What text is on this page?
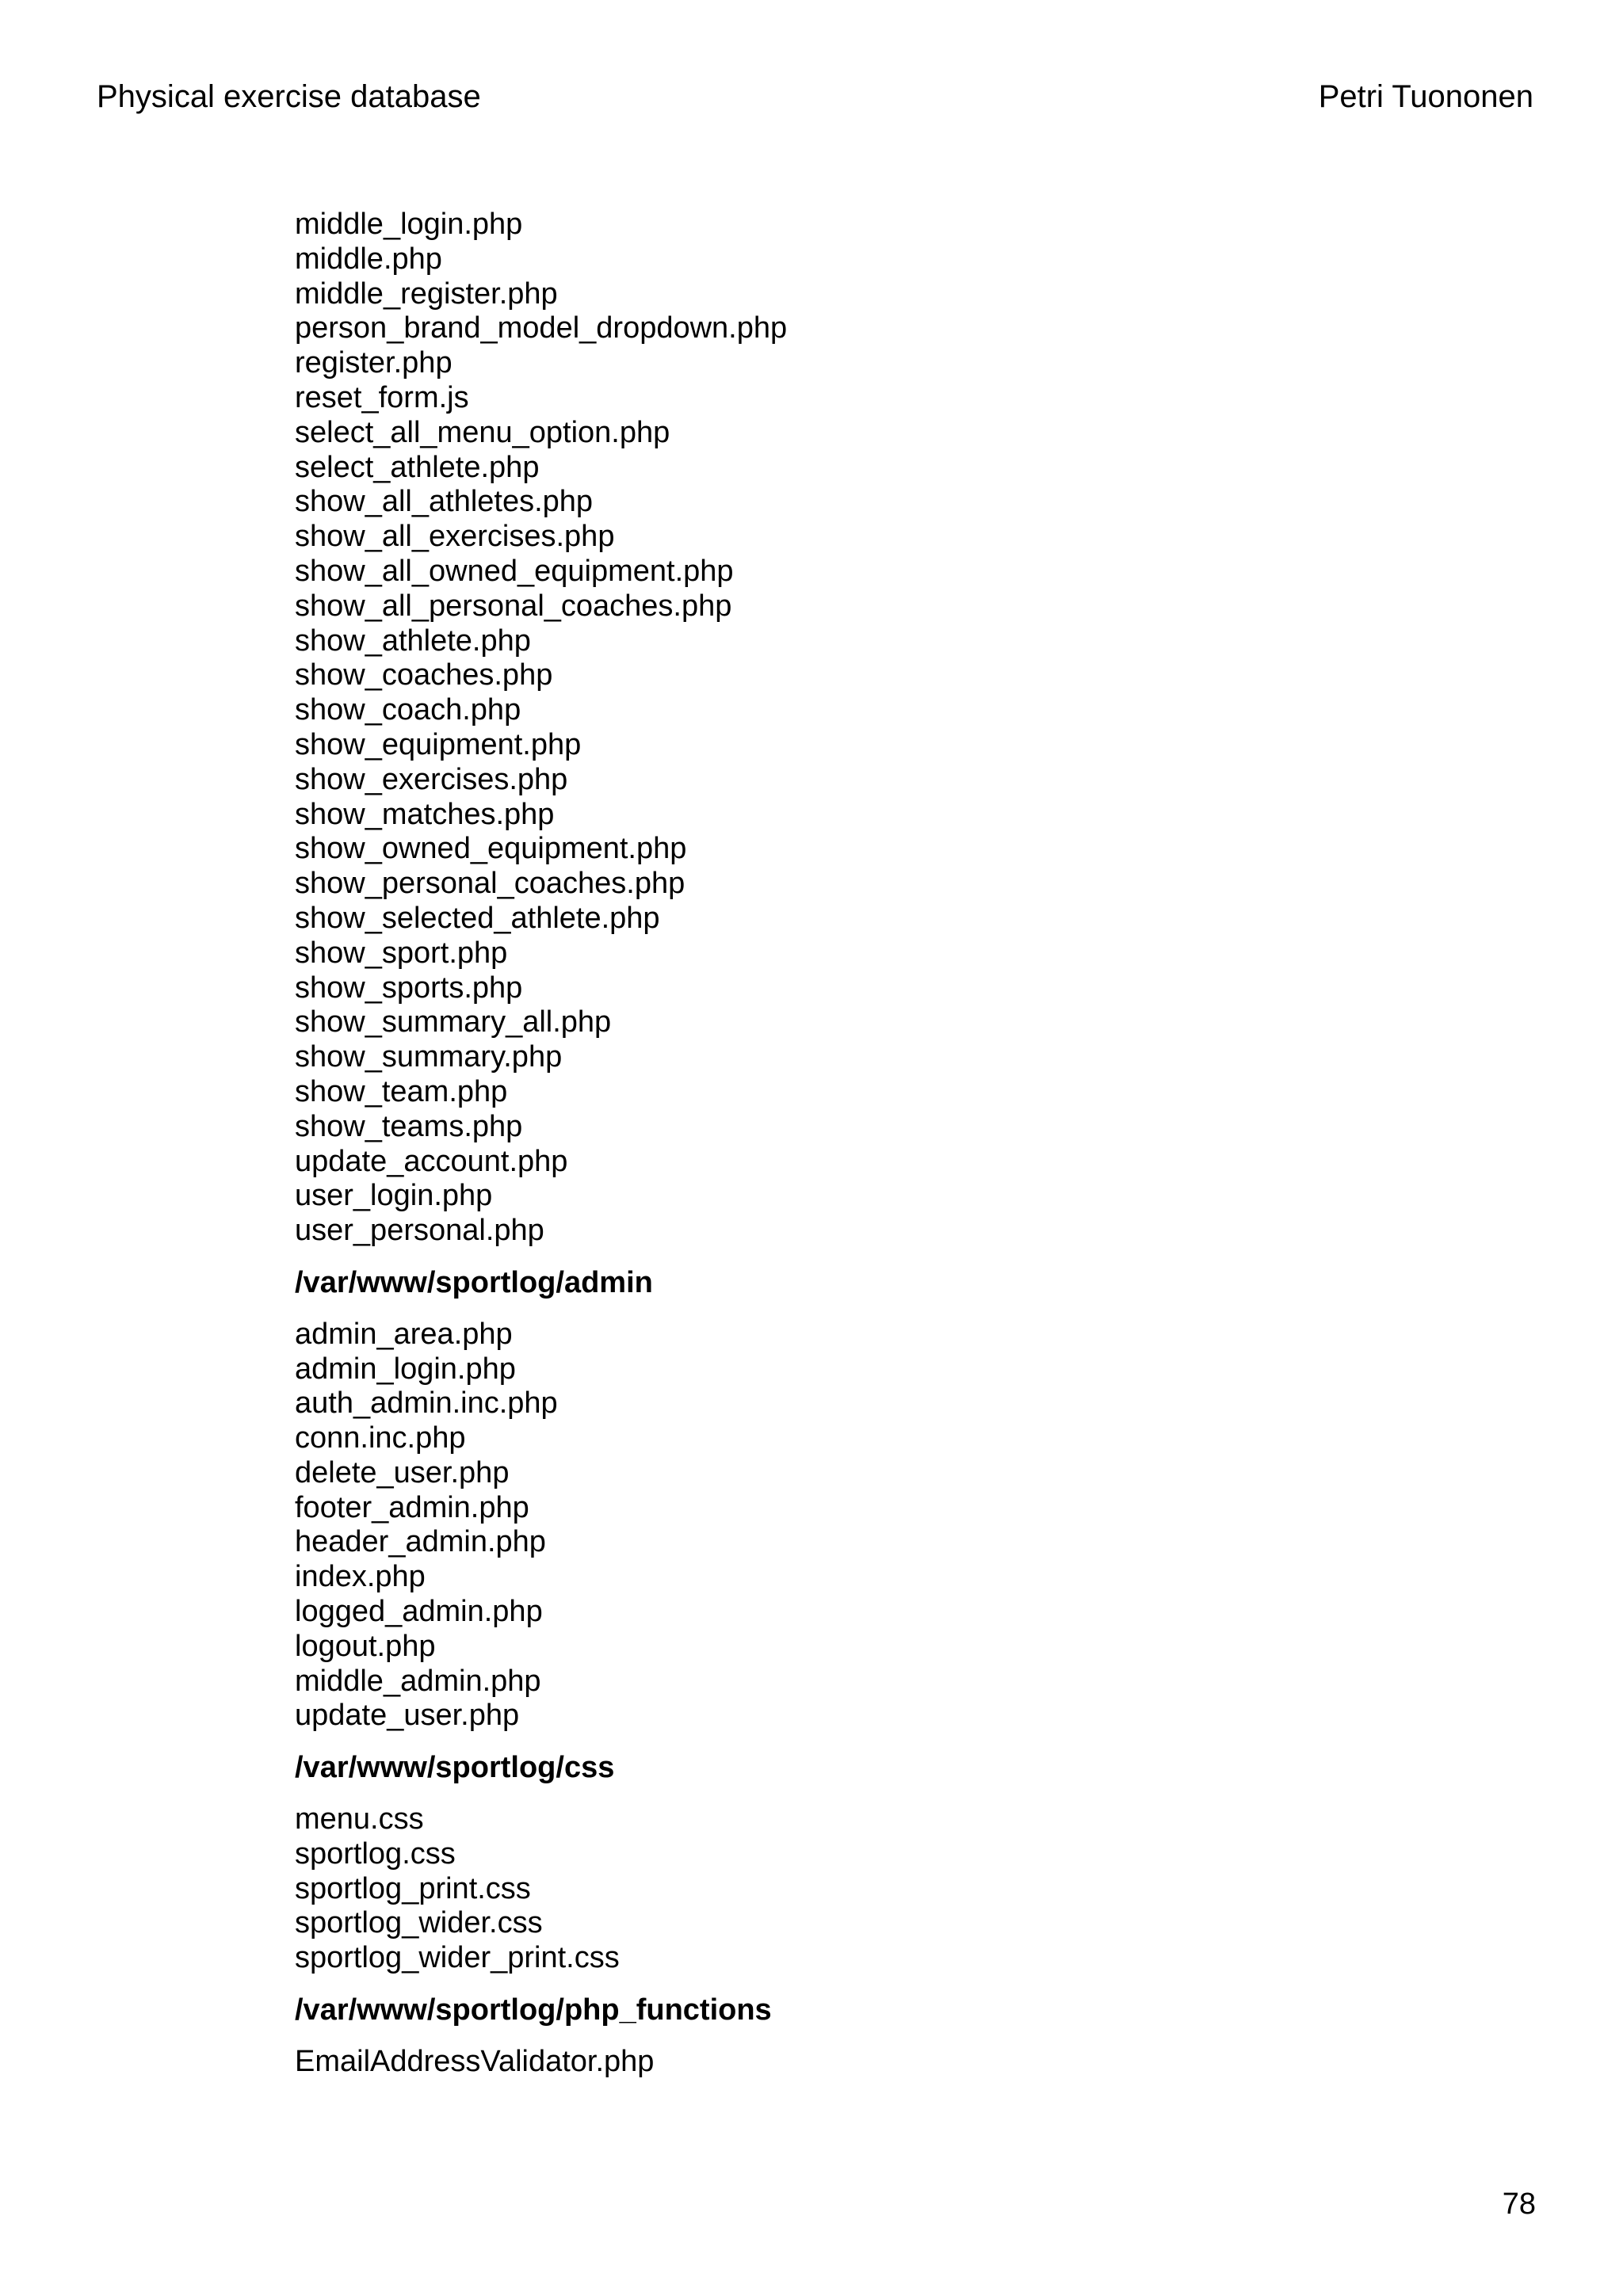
Physical exercise database	Petri Tuononen
middle_login.php
middle.php
middle_register.php
person_brand_model_dropdown.php
register.php
reset_form.js
select_all_menu_option.php
select_athlete.php
show_all_athletes.php
show_all_exercises.php
show_all_owned_equipment.php
show_all_personal_coaches.php
show_athlete.php
show_coaches.php
show_coach.php
show_equipment.php
show_exercises.php
show_matches.php
show_owned_equipment.php
show_personal_coaches.php
show_selected_athlete.php
show_sport.php
show_sports.php
show_summary_all.php
show_summary.php
show_team.php
show_teams.php
update_account.php
user_login.php
user_personal.php
/var/www/sportlog/admin
admin_area.php
admin_login.php
auth_admin.inc.php
conn.inc.php
delete_user.php
footer_admin.php
header_admin.php
index.php
logged_admin.php
logout.php
middle_admin.php
update_user.php
/var/www/sportlog/css
menu.css
sportlog.css
sportlog_print.css
sportlog_wider.css
sportlog_wider_print.css
/var/www/sportlog/php_functions
EmailAddressValidator.php
78
